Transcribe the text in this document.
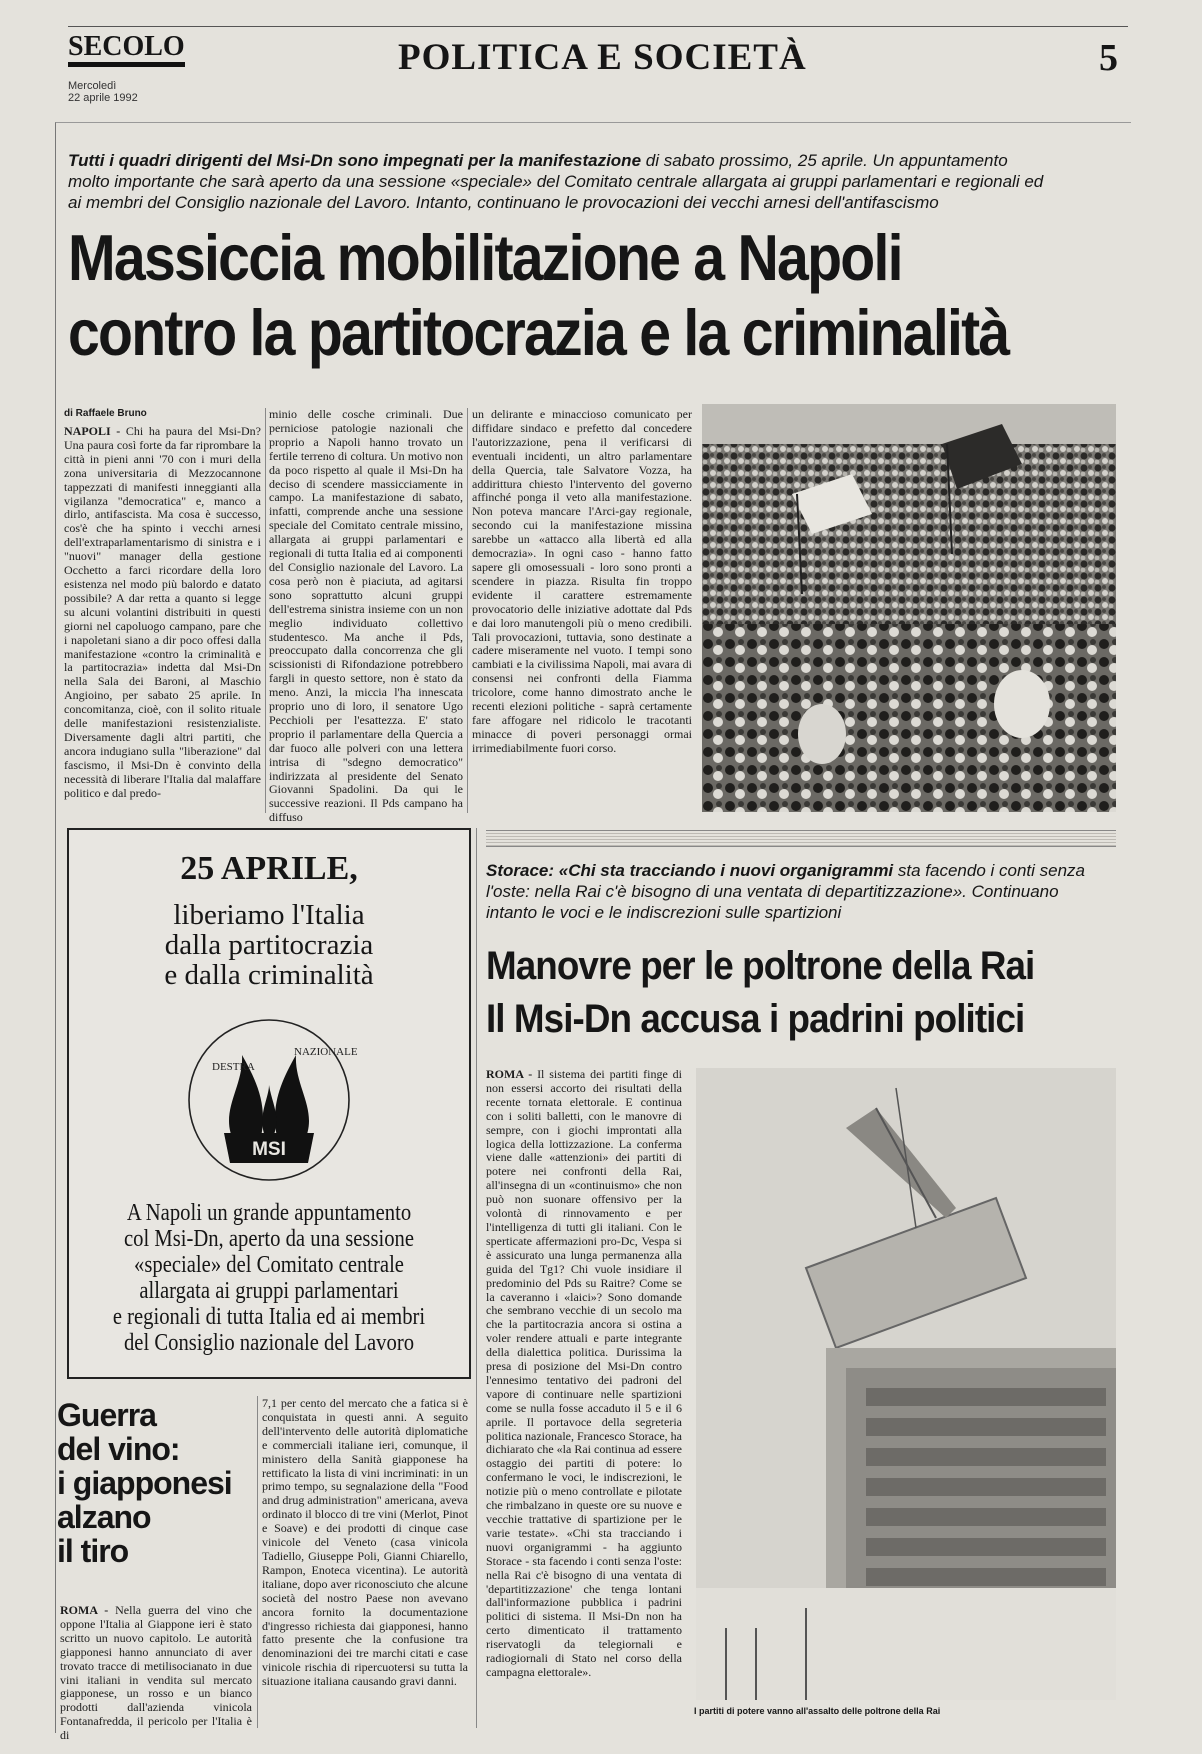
SECOLO
Mercoledì
22 aprile 1992
POLITICA E SOCIETÀ	5
Tutti i quadri dirigenti del Msi-Dn sono impegnati per la manifestazione di sabato prossimo, 25 aprile. Un appuntamento molto importante che sarà aperto da una sessione «speciale» del Comitato centrale allargata ai gruppi parlamentari e regionali ed ai membri del Consiglio nazionale del Lavoro. Intanto, continuano le provocazioni dei vecchi arnesi dell'antifascismo
Massiccia mobilitazione a Napoli
contro la partitocrazia e la criminalità
di Raffaele Bruno
NAPOLI - Chi ha paura del Msi-Dn? Una paura così forte da far riprombare la città in pieni anni '70 con i muri della zona universitaria di Mezzocannone tappezzati di manifesti inneggianti alla vigilanza "democratica" e, manco a dirlo, antifascista. Ma cosa è successo, cos'è che ha spinto i vecchi arnesi dell'extraparlamentarismo di sinistra e i "nuovi" manager della gestione Occhetto a farci ricordare della loro esistenza nel modo più balordo e datato possibile? A dar retta a quanto si legge su alcuni volantini distribuiti in questi giorni nel capoluogo campano, pare che i napoletani siano a dir poco offesi dalla manifestazione «contro la criminalità e la partitocrazia» indetta dal Msi-Dn nella Sala dei Baroni, al Maschio Angioino, per sabato 25 aprile. In concomitanza, cioè, con il solito rituale delle manifestazioni resistenzialiste. Diversamente dagli altri partiti, che ancora indugiano sulla "liberazione" dal fascismo, il Msi-Dn è convinto della necessità di liberare l'Italia dal malaffare politico e dal predo-
minio delle cosche criminali. Due perniciose patologie nazionali che proprio a Napoli hanno trovato un fertile terreno di coltura. Un motivo non da poco rispetto al quale il Msi-Dn ha deciso di scendere massicciamente in campo. La manifestazione di sabato, infatti, comprende anche una sessione speciale del Comitato centrale missino, allargata ai gruppi parlamentari e regionali di tutta Italia ed ai componenti del Consiglio nazionale del Lavoro. La cosa però non è piaciuta, ad agitarsi sono soprattutto alcuni gruppi dell'estrema sinistra insieme con un non meglio individuato collettivo studentesco. Ma anche il Pds, preoccupato dalla concorrenza che gli scissionisti di Rifondazione potrebbero fargli in questo settore, non è stato da meno. Anzi, la miccia l'ha innescata proprio uno di loro, il senatore Ugo Pecchioli per l'esattezza. E' stato proprio il parlamentare della Quercia a dar fuoco alle polveri con una lettera intrisa di "sdegno democratico" indirizzata al presidente del Senato Giovanni Spadolini. Da qui le successive reazioni. Il Pds campano ha diffuso
un delirante e minaccioso comunicato per diffidare sindaco e prefetto dal concedere l'autorizzazione, pena il verificarsi di eventuali incidenti, un altro parlamentare della Quercia, tale Salvatore Vozza, ha addirittura chiesto l'intervento del governo affinché ponga il veto alla manifestazione. Non poteva mancare l'Arci-gay regionale, secondo cui la manifestazione missina sarebbe un «attacco alla libertà ed alla democrazia». In ogni caso - hanno fatto sapere gli omosessuali - loro sono pronti a scendere in piazza. Risulta fin troppo evidente il carattere estremamente provocatorio delle iniziative adottate dal Pds e dai loro manutengoli più o meno credibili. Tali provocazioni, tuttavia, sono destinate a cadere miseramente nel vuoto. I tempi sono cambiati e la civilissima Napoli, mai avara di consensi nei confronti della Fiamma tricolore, come hanno dimostrato anche le recenti elezioni politiche - saprà certamente fare affogare nel ridicolo le tracotanti minacce di poveri personaggi ormai irrimediabilmente fuori corso.
25 APRILE,
liberiamo l'Italia
dalla partitocrazia
e dalla criminalità
MSI
DESTRA
NAZIONALE
A Napoli un grande appuntamento
col Msi-Dn, aperto da una sessione
«speciale» del Comitato centrale
allargata ai gruppi parlamentari
e regionali di tutta Italia ed ai membri
del Consiglio nazionale del Lavoro
Guerra
del vino:
i giapponesi
alzano
il tiro
ROMA - Nella guerra del vino che oppone l'Italia al Giappone ieri è stato scritto un nuovo capitolo. Le autorità giapponesi hanno annunciato di aver trovato tracce di metilisocianato in due vini italiani in vendita sul mercato giapponese, un rosso e un bianco prodotti dall'azienda vinicola Fontanafredda, il pericolo per l'Italia è di
7,1 per cento del mercato che a fatica si è conquistata in questi anni. A seguito dell'intervento delle autorità diplomatiche e commerciali italiane ieri, comunque, il ministero della Sanità giapponese ha rettificato la lista di vini incriminati: in un primo tempo, su segnalazione della "Food and drug administration" americana, aveva ordinato il blocco di tre vini (Merlot, Pinot e Soave) e dei prodotti di cinque case vinicole del Veneto (casa vinicola Tadiello, Giuseppe Poli, Gianni Chiarello, Rampon, Enoteca vicentina). Le autorità italiane, dopo aver riconosciuto che alcune società del nostro Paese non avevano ancora fornito la documentazione d'ingresso richiesta dai giapponesi, hanno fatto presente che la confusione tra denominazioni dei tre marchi citati e case vinicole rischia di ripercuotersi su tutta la situazione italiana causando gravi danni.
Storace: «Chi sta tracciando i nuovi organigrammi sta facendo i conti senza l'oste: nella Rai c'è bisogno di una ventata di departitizzazione». Continuano intanto le voci e le indiscrezioni sulle spartizioni
Manovre per le poltrone della Rai
Il Msi-Dn accusa i padrini politici
ROMA - Il sistema dei partiti finge di non essersi accorto dei risultati della recente tornata elettorale. E continua con i soliti balletti, con le manovre di sempre, con i giochi improntati alla logica della lottizzazione. La conferma viene dalle «attenzioni» dei partiti di potere nei confronti della Rai, all'insegna di un «continuismo» che non può non suonare offensivo per la volontà di rinnovamento e per l'intelligenza di tutti gli italiani. Con le sperticate affermazioni pro-Dc, Vespa si è assicurato una lunga permanenza alla guida del Tg1? Chi vuole insidiare il predominio del Pds su Raitre? Come se la caveranno i «laici»? Sono domande che sembrano vecchie di un secolo ma che la partitocrazia ancora si ostina a voler rendere attuali e parte integrante della dialettica politica. Durissima la presa di posizione del Msi-Dn contro l'ennesimo tentativo dei padroni del vapore di continuare nelle spartizioni come se nulla fosse accaduto il 5 e il 6 aprile. Il portavoce della segreteria politica nazionale, Francesco Storace, ha dichiarato che «la Rai continua ad essere ostaggio dei partiti di potere: lo confermano le voci, le indiscrezioni, le notizie più o meno controllate e pilotate che rimbalzano in queste ore su nuove e vecchie trattative di spartizione per le varie testate». «Chi sta tracciando i nuovi organigrammi - ha aggiunto Storace - sta facendo i conti senza l'oste: nella Rai c'è bisogno di una ventata di 'departitizzazione' che tenga lontani dall'informazione pubblica i padrini politici di sistema. Il Msi-Dn non ha certo dimenticato il trattamento riservatogli da telegiornali e radiogiornali di Stato nel corso della campagna elettorale».
I partiti di potere vanno all'assalto delle poltrone della Rai
